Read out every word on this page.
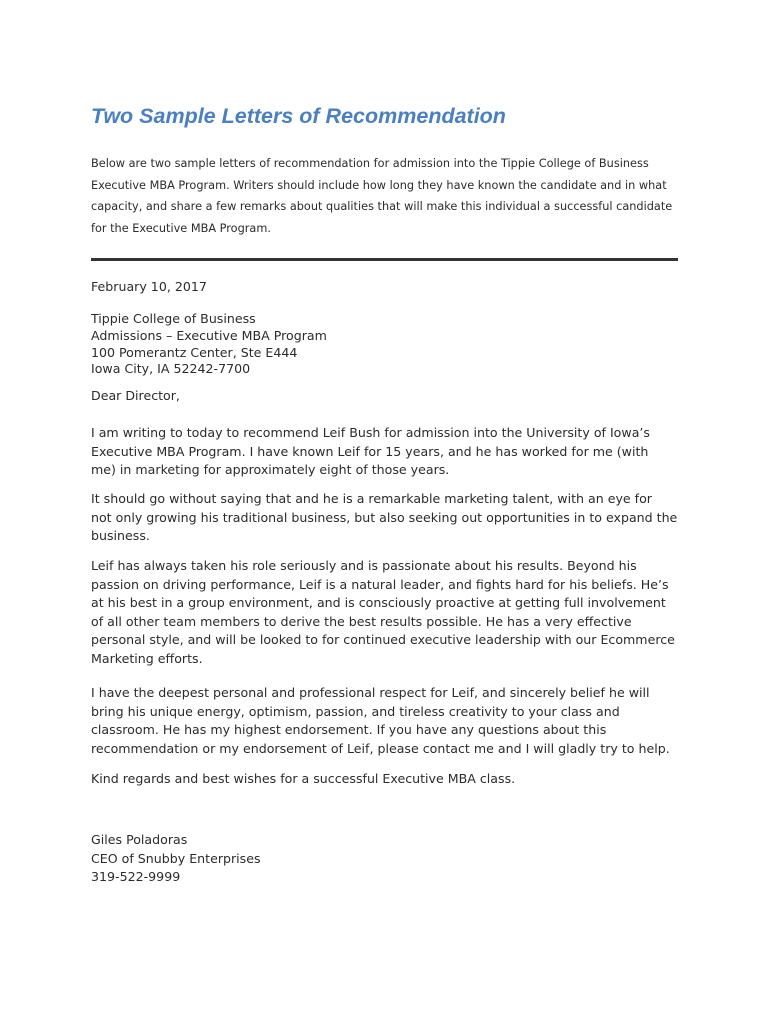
Two Sample Letters of Recommendation
Below are two sample letters of recommendation for admission into the Tippie College of Business
Executive MBA Program. Writers should include how long they have known the candidate and in what
capacity, and share a few remarks about qualities that will make this individual a successful candidate
for the Executive MBA Program.
February 10, 2017
Tippie College of Business
Admissions – Executive MBA Program
100 Pomerantz Center, Ste E444
Iowa City, IA 52242-7700
Dear Director,
I am writing to today to recommend Leif Bush for admission into the University of Iowa’s
Executive MBA Program. I have known Leif for 15 years, and he has worked for me (with
me) in marketing for approximately eight of those years.
It should go without saying that and he is a remarkable marketing talent, with an eye for
not only growing his traditional business, but also seeking out opportunities in to expand the
business.
Leif has always taken his role seriously and is passionate about his results. Beyond his
passion on driving performance, Leif is a natural leader, and fights hard for his beliefs. He’s
at his best in a group environment, and is consciously proactive at getting full involvement
of all other team members to derive the best results possible. He has a very effective
personal style, and will be looked to for continued executive leadership with our Ecommerce
Marketing efforts.
I have the deepest personal and professional respect for Leif, and sincerely belief he will
bring his unique energy, optimism, passion, and tireless creativity to your class and
classroom. He has my highest endorsement. If you have any questions about this
recommendation or my endorsement of Leif, please contact me and I will gladly try to help.
Kind regards and best wishes for a successful Executive MBA class.
Giles Poladoras
CEO of Snubby Enterprises
319-522-9999
